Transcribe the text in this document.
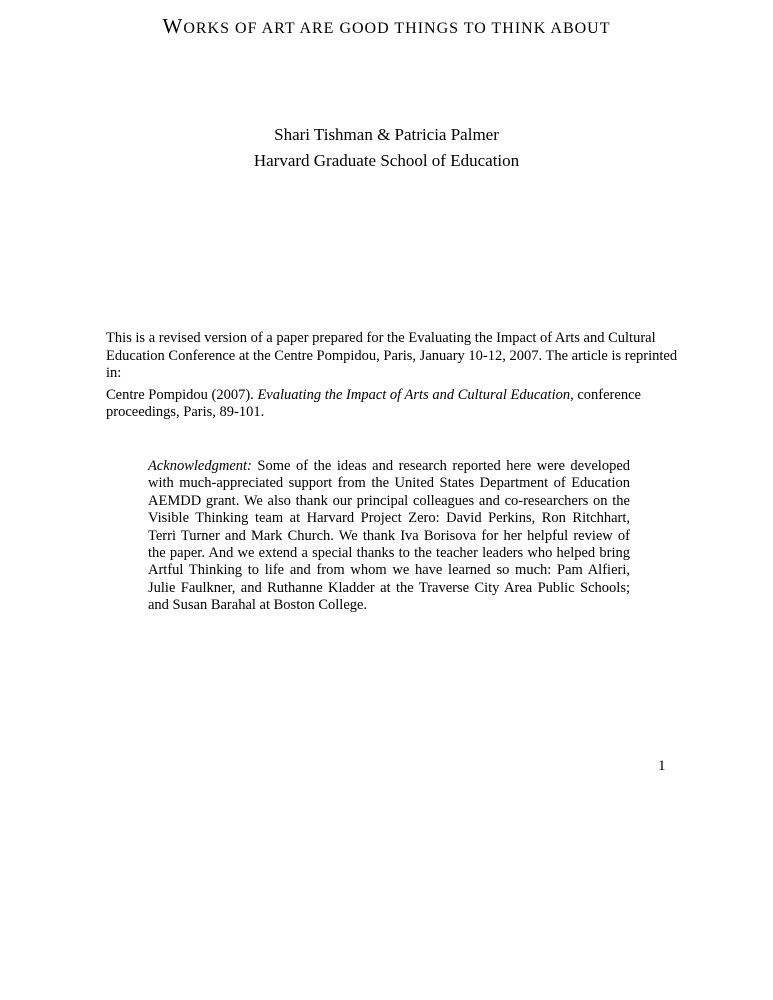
WORKS OF ART ARE GOOD THINGS TO THINK ABOUT
Shari Tishman & Patricia Palmer
Harvard Graduate School of Education

This is a revised version of a paper prepared for the Evaluating the Impact of Arts and Cultural Education Conference at the Centre Pompidou, Paris, January 10-12, 2007. The article is reprinted in:

Centre Pompidou (2007). Evaluating the Impact of Arts and Cultural Education, conference proceedings, Paris, 89-101.

Acknowledgment: Some of the ideas and research reported here were developed with much-appreciated support from the United States Department of Education AEMDD grant. We also thank our principal colleagues and co-researchers on the Visible Thinking team at Harvard Project Zero: David Perkins, Ron Ritchhart, Terri Turner and Mark Church. We thank Iva Borisova for her helpful review of the paper. And we extend a special thanks to the teacher leaders who helped bring Artful Thinking to life and from whom we have learned so much: Pam Alfieri, Julie Faulkner, and Ruthanne Kladder at the Traverse City Area Public Schools; and Susan Barahal at Boston College.

1
